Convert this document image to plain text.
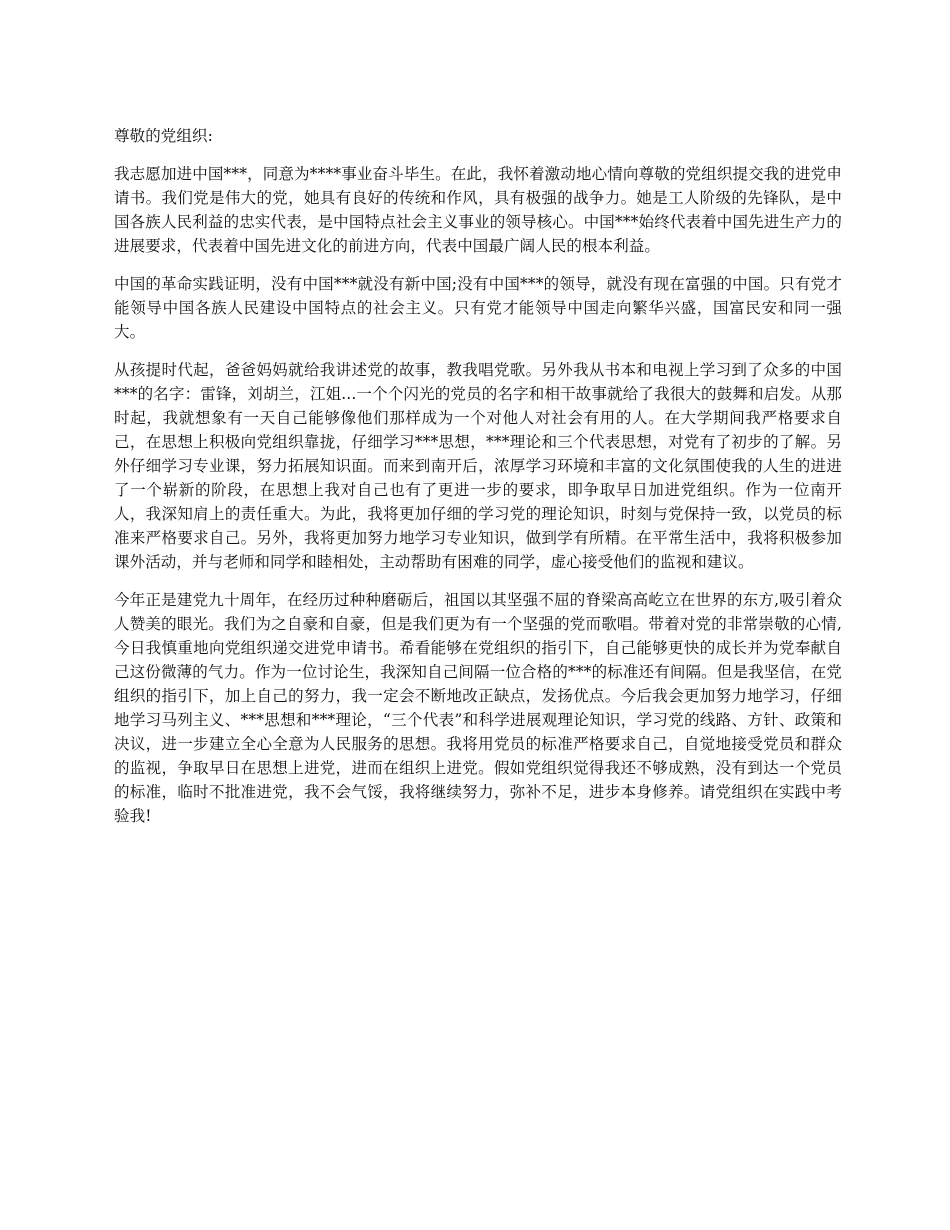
尊敬的党组织:

我志愿加进中国***，同意为****事业奋斗毕生。在此，我怀着激动地心情向尊敬的党组织提交我的进党申请书。我们党是伟大的党，她具有良好的传统和作风，具有极强的战争力。她是工人阶级的先锋队，是中国各族人民利益的忠实代表，是中国特点社会主义事业的领导核心。中国***始终代表着中国先进生产力的进展要求，代表着中国先进文化的前进方向，代表中国最广阔人民的根本利益。

中国的革命实践证明，没有中国***就没有新中国;没有中国***的领导，就没有现在富强的中国。只有党才能领导中国各族人民建设中国特点的社会主义。只有党才能领导中国走向繁华兴盛，国富民安和同一强大。

从孩提时代起，爸爸妈妈就给我讲述党的故事，教我唱党歌。另外我从书本和电视上学习到了众多的中国***的名字：雷锋，刘胡兰，江姐...一个个闪光的党员的名字和相干故事就给了我很大的鼓舞和启发。从那时起，我就想象有一天自己能够像他们那样成为一个对他人对社会有用的人。在大学期间我严格要求自己，在思想上积极向党组织靠拢，仔细学习***思想，***理论和三个代表思想，对党有了初步的了解。另外仔细学习专业课，努力拓展知识面。而来到南开后，浓厚学习环境和丰富的文化氛围使我的人生的进进了一个崭新的阶段，在思想上我对自己也有了更进一步的要求，即争取早日加进党组织。作为一位南开人，我深知肩上的责任重大。为此，我将更加仔细的学习党的理论知识，时刻与党保持一致，以党员的标准来严格要求自己。另外，我将更加努力地学习专业知识，做到学有所精。在平常生活中，我将积极参加课外活动，并与老师和同学和睦相处，主动帮助有困难的同学，虚心接受他们的监视和建议。

今年正是建党九十周年，在经历过种种磨砺后，祖国以其坚强不屈的脊梁高高屹立在世界的东方,吸引着众人赞美的眼光。我们为之自豪和自豪，但是我们更为有一个坚强的党而歌唱。带着对党的非常崇敬的心情, 今日我慎重地向党组织递交进党申请书。希看能够在党组织的指引下，自己能够更快的成长并为党奉献自己这份微薄的气力。作为一位讨论生，我深知自己间隔一位合格的***的标准还有间隔。但是我坚信，在党组织的指引下，加上自己的努力，我一定会不断地改正缺点，发扬优点。今后我会更加努力地学习，仔细地学习马列主义、***思想和***理论，“三个代表”和科学进展观理论知识，学习党的线路、方针、政策和决议，进一步建立全心全意为人民服务的思想。我将用党员的标准严格要求自己，自觉地接受党员和群众的监视，争取早日在思想上进党，进而在组织上进党。假如党组织觉得我还不够成熟，没有到达一个党员的标准，临时不批准进党，我不会气馁，我将继续努力，弥补不足，进步本身修养。请党组织在实践中考验我!
